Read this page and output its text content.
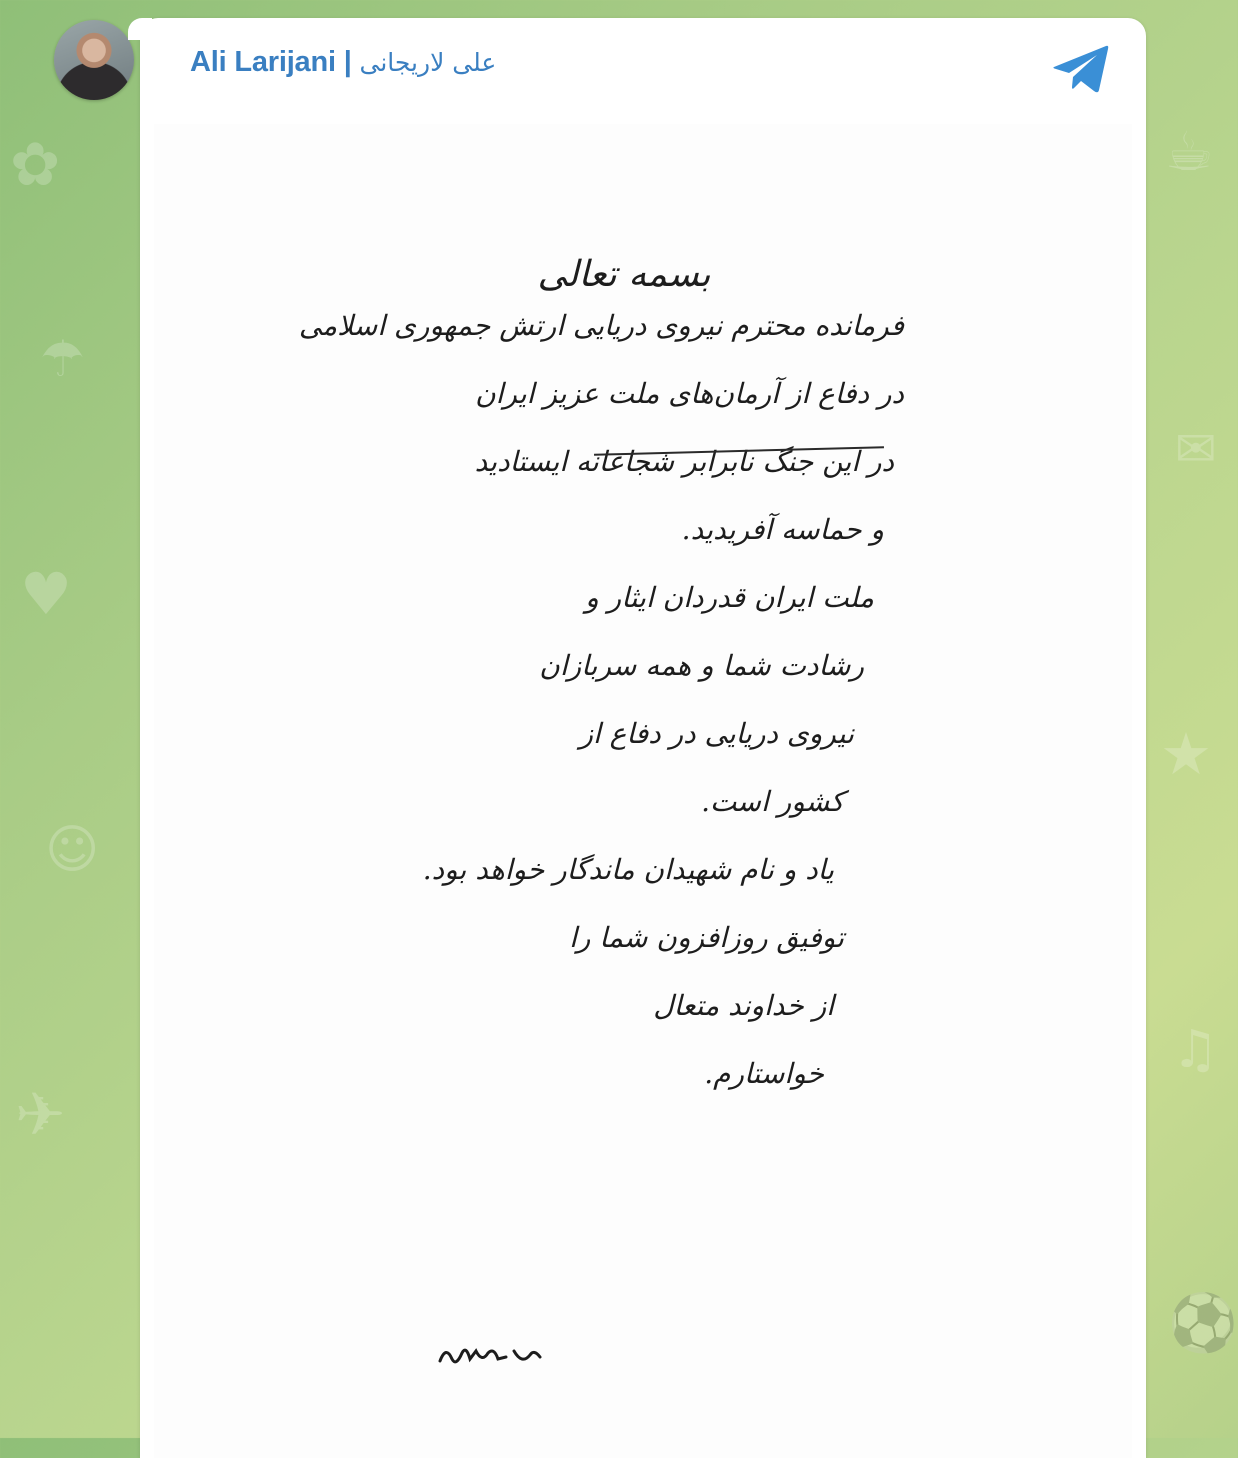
✿
☂
♥
☺
✈
☕
✉
★
♫
⚽
Ali Larijani | علی لاریجانی
بسمه تعالی
فرمانده محترم نیروی دریایی ارتش جمهوری اسلامی
در دفاع از آرمان‌های ملت عزیز ایران
در این جنگ نابرابر شجاعانه ایستادید
و حماسه آفریدید.
ملت ایران قدردان ایثار و
رشادت شما و همه سربازان
نیروی دریایی در دفاع از
کشور است.
یاد و نام شهیدان ماندگار خواهد بود.
توفیق روزافزون شما را
از خداوند متعال
خواستارم.
